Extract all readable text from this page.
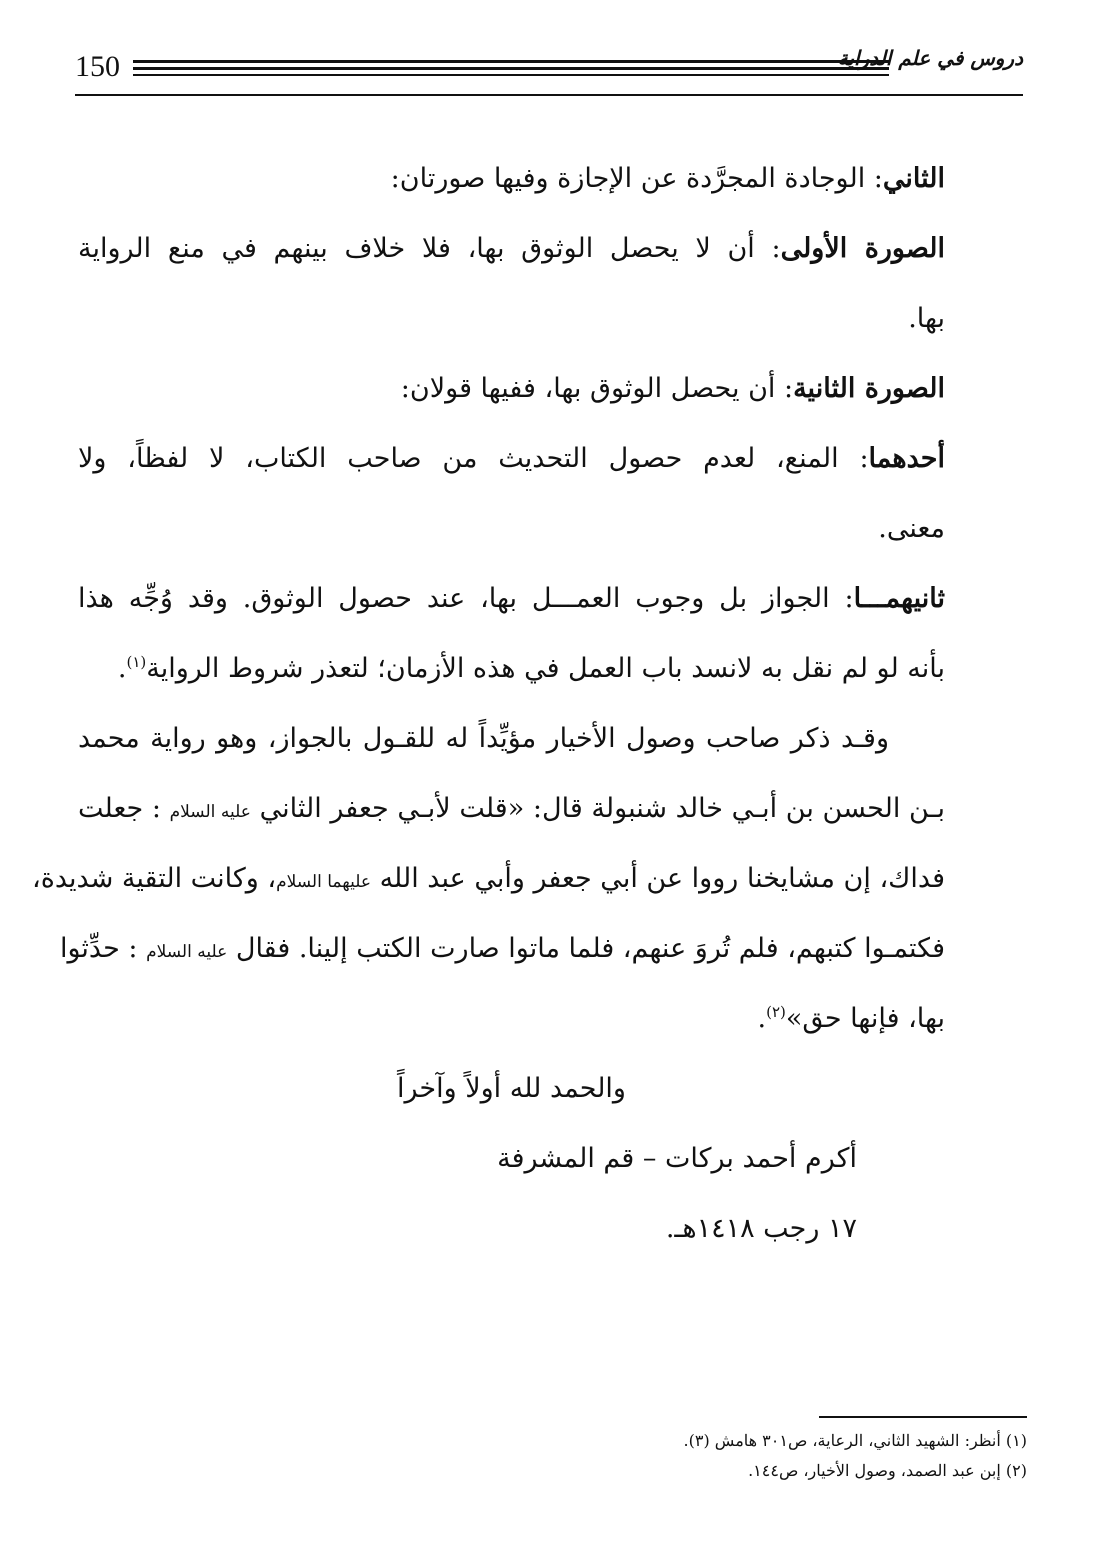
150	دروس في علم الدراية
الثاني: الوجادة المجرَّدة عن الإجازة وفيها صورتان:
الصورة الأولى: أن لا يحصل الوثوق بها، فلا خلاف بينهم في منع الرواية
بها.
الصورة الثانية: أن يحصل الوثوق بها، ففيها قولان:
أحدهما: المنع، لعدم حصول التحديث من صاحب الكتاب، لا لفظاً، ولا
معنى.
ثانيهمـــا: الجواز بل وجوب العمـــل بها، عند حصول الوثوق. وقد وُجِّه هذا
بأنه لو لم نقل به لانسد باب العمل في هذه الأزمان؛ لتعذر شروط الرواية$^{(١)}$.
وقـد ذكر صاحب وصول الأخيار مؤيِّداً له للقـول بالجواز، وهو رواية محمد
بـن الحسن بن أبـي خالد شنبولة قال: «قلت لأبـي جعفر الثاني عليه السلام : جعلت
فداك، إن مشايخنا رووا عن أبي جعفر وأبي عبد الله عليهما السلام، وكانت التقية شديدة،
فكتمـوا كتبهم، فلم تُروَ عنهم، فلما ماتوا صارت الكتب إلينا. فقال عليه السلام : حدِّثوا
بها، فإنها حق»$^{(٢)}$.
والحمد لله أولاً وآخراً
أكرم أحمد بركات – قم المشرفة
١٧ رجب ١٤١٨هـ.
(١) أنظر: الشهيد الثاني، الرعاية، ص٣٠١ هامش (٣).
(٢) إبن عبد الصمد، وصول الأخيار، ص١٤٤.
